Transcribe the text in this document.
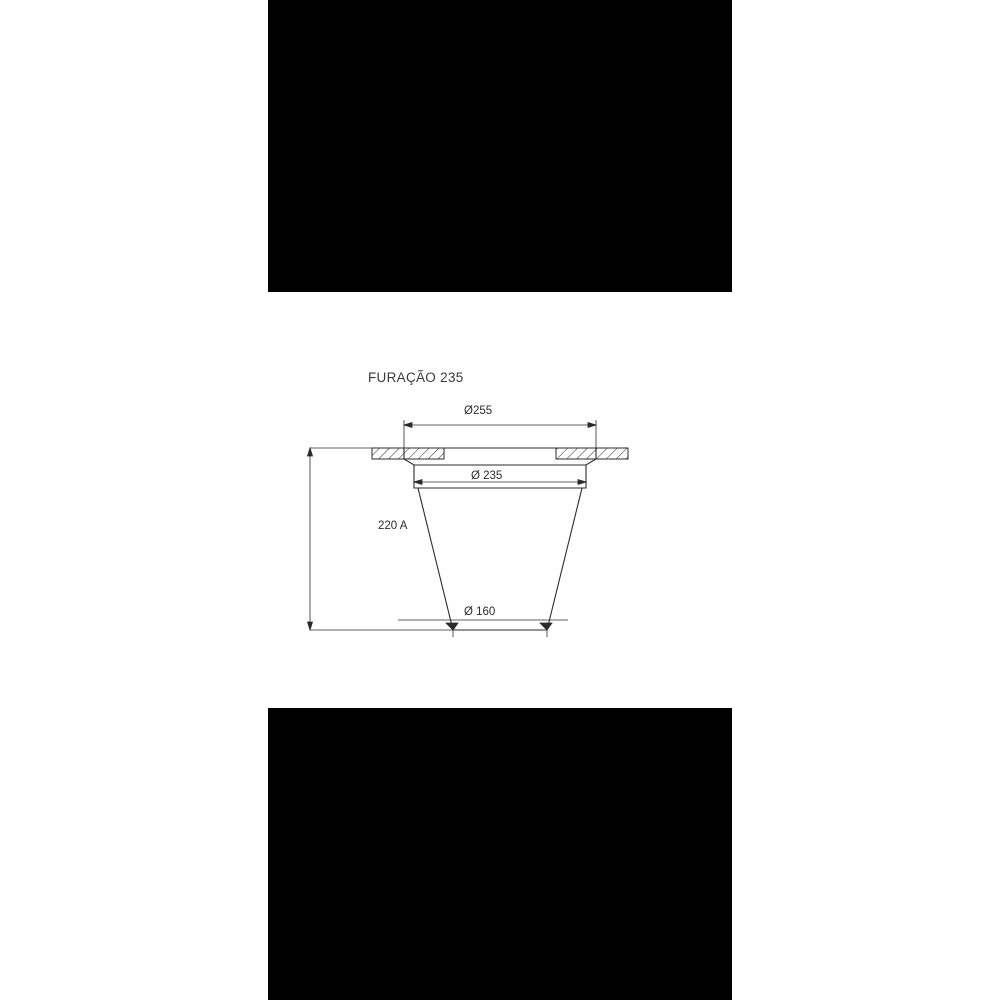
FURAÇÃO 235
Ø255
Ø 235
220 A
Ø 160
